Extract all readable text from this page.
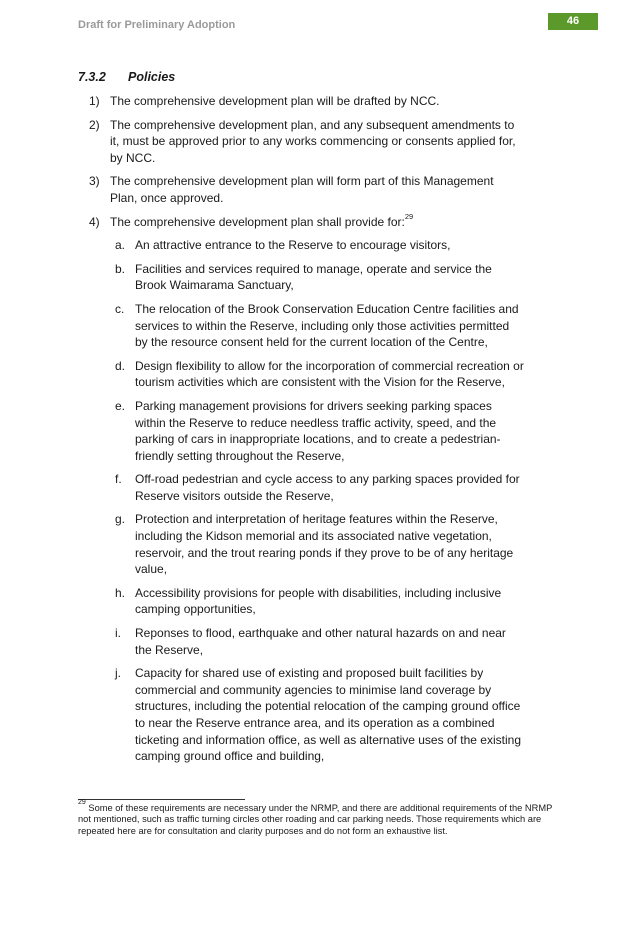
Draft for Preliminary Adoption	46
7.3.2 Policies
1) The comprehensive development plan will be drafted by NCC.
2) The comprehensive development plan, and any subsequent amendments to it, must be approved prior to any works commencing or consents applied for, by NCC.
3) The comprehensive development plan will form part of this Management Plan, once approved.
4) The comprehensive development plan shall provide for:$^{29}$
a. An attractive entrance to the Reserve to encourage visitors,
b. Facilities and services required to manage, operate and service the Brook Waimarama Sanctuary,
c. The relocation of the Brook Conservation Education Centre facilities and services to within the Reserve, including only those activities permitted by the resource consent held for the current location of the Centre,
d. Design flexibility to allow for the incorporation of commercial recreation or tourism activities which are consistent with the Vision for the Reserve,
e. Parking management provisions for drivers seeking parking spaces within the Reserve to reduce needless traffic activity, speed, and the parking of cars in inappropriate locations, and to create a pedestrian-friendly setting throughout the Reserve,
f. Off-road pedestrian and cycle access to any parking spaces provided for Reserve visitors outside the Reserve,
g. Protection and interpretation of heritage features within the Reserve, including the Kidson memorial and its associated native vegetation, reservoir, and the trout rearing ponds if they prove to be of any heritage value,
h. Accessibility provisions for people with disabilities, including inclusive camping opportunities,
i. Reponses to flood, earthquake and other natural hazards on and near the Reserve,
j. Capacity for shared use of existing and proposed built facilities by commercial and community agencies to minimise land coverage by structures, including the potential relocation of the camping ground office to near the Reserve entrance area, and its operation as a combined ticketing and information office, as well as alternative uses of the existing camping ground office and building,
$^{29}$ Some of these requirements are necessary under the NRMP, and there are additional requirements of the NRMP not mentioned, such as traffic turning circles other roading and car parking needs. Those requirements which are repeated here are for consultation and clarity purposes and do not form an exhaustive list.
